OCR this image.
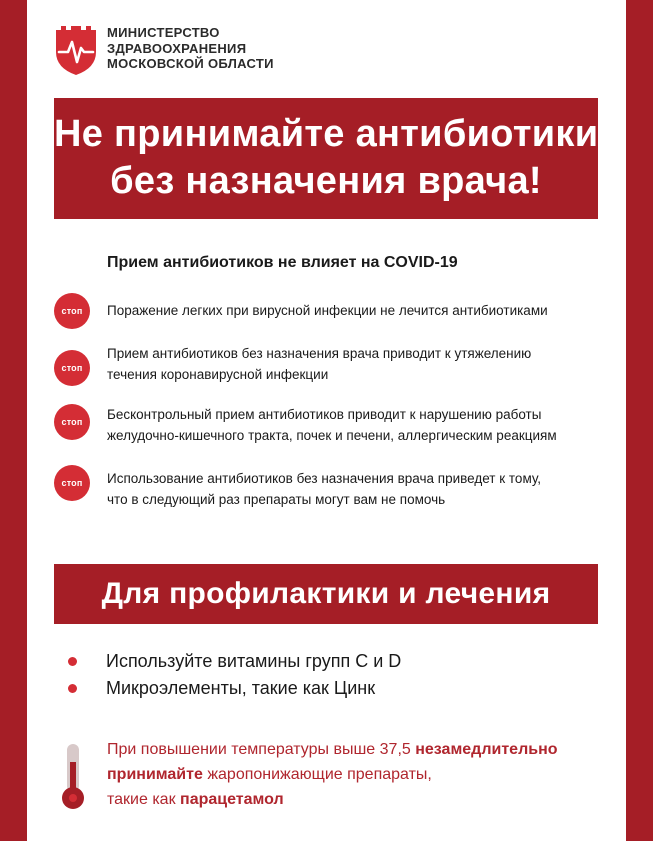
МИНИСТЕРСТВО
ЗДРАВООХРАНЕНИЯ
МОСКОВСКОЙ ОБЛАСТИ
Не принимайте антибиотики
без назначения врача!
Прием антибиотиков не влияет на COVID-19
стоп	Поражение легких при вирусной инфекции не лечится антибиотиками
стоп
Прием антибиотиков без назначения врача приводит к утяжелению
течения коронавирусной инфекции
стоп	Бесконтрольный прием антибиотиков приводит к нарушению работы
желудочно-кишечного тракта, почек и печени, аллергическим реакциям
стоп	Использование антибиотиков без назначения врача приведет к тому,
что в следующий раз препараты могут вам не помочь
Для профилактики и лечения
Используйте витамины групп С и D
Микроэлементы, такие как Цинк
При повышении температуры выше 37,5 незамедлительно
принимайте жаропонижающие препараты,
такие как парацетамол
